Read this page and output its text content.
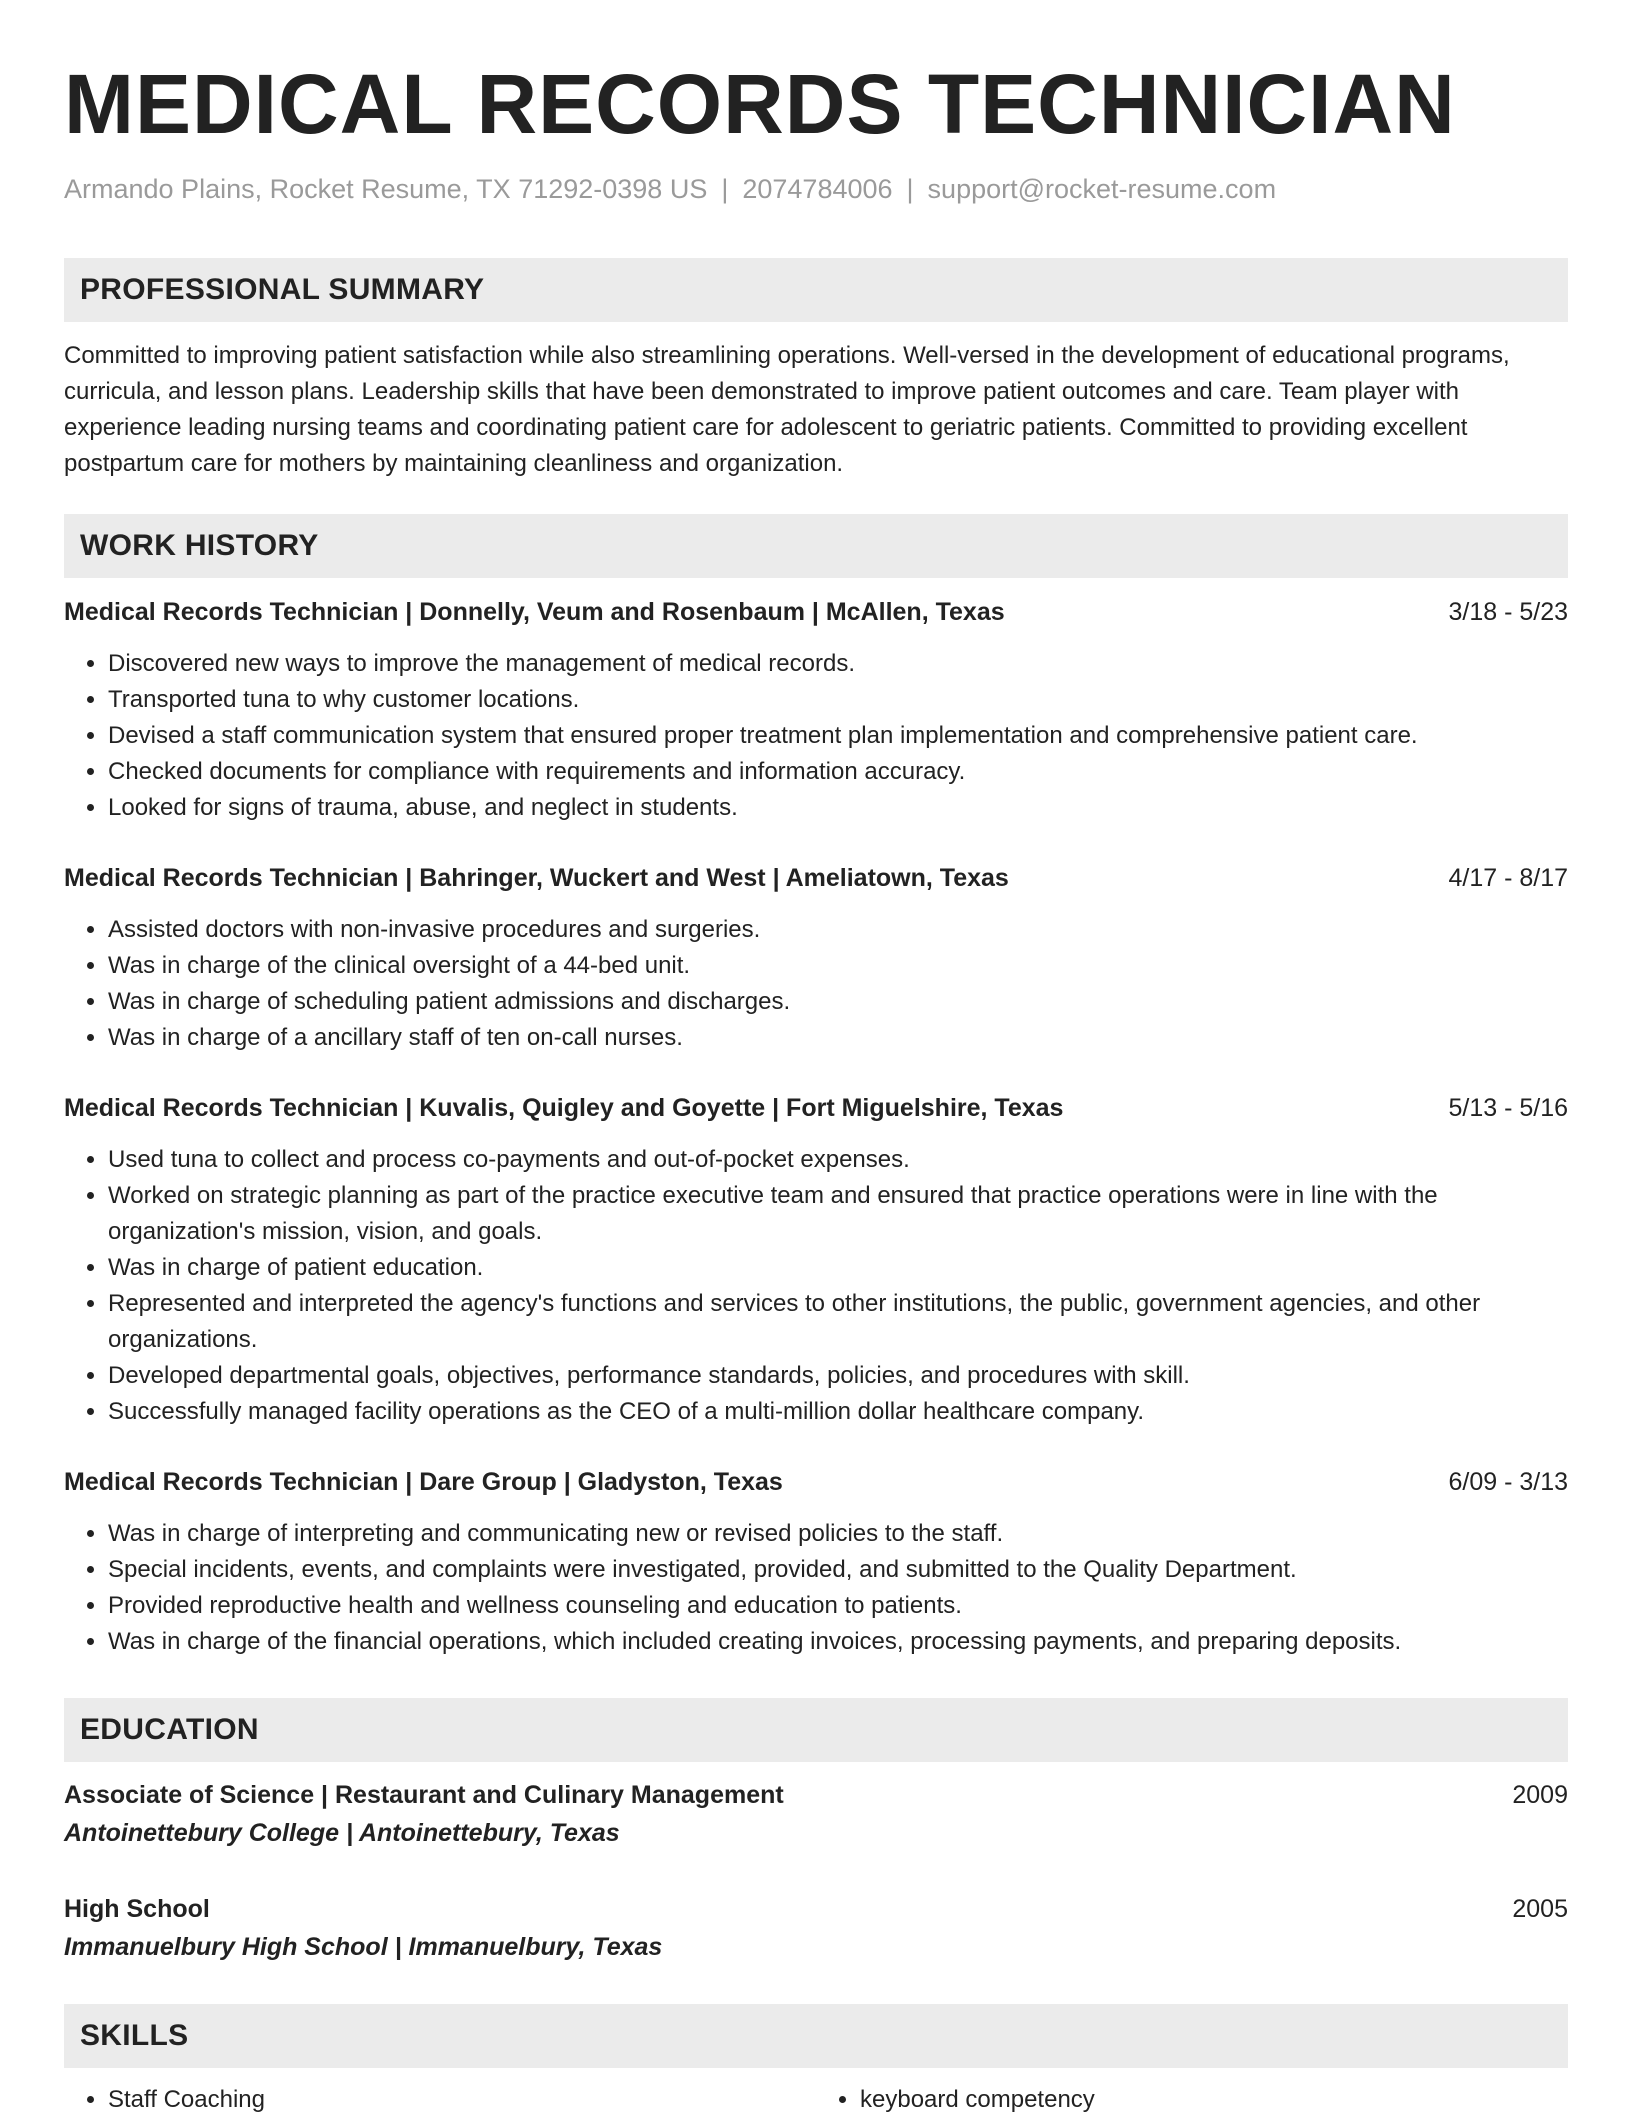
MEDICAL RECORDS TECHNICIAN
Armando Plains, Rocket Resume, TX 71292-0398 US | 2074784006 | support@rocket-resume.com
PROFESSIONAL SUMMARY

Committed to improving patient satisfaction while also streamlining operations. Well-versed in the development of educational programs, curricula, and lesson plans. Leadership skills that have been demonstrated to improve patient outcomes and care. Team player with experience leading nursing teams and coordinating patient care for adolescent to geriatric patients. Committed to providing excellent postpartum care for mothers by maintaining cleanliness and organization.

WORK HISTORY
Medical Records Technician | Donnelly, Veum and Rosenbaum | McAllen, Texas	3/18 - 5/23
• Discovered new ways to improve the management of medical records.
• Transported tuna to why customer locations.
• Devised a staff communication system that ensured proper treatment plan implementation and comprehensive patient care.
• Checked documents for compliance with requirements and information accuracy.
• Looked for signs of trauma, abuse, and neglect in students.
Medical Records Technician | Bahringer, Wuckert and West | Ameliatown, Texas	4/17 - 8/17
• Assisted doctors with non-invasive procedures and surgeries.
• Was in charge of the clinical oversight of a 44-bed unit.
• Was in charge of scheduling patient admissions and discharges.
• Was in charge of a ancillary staff of ten on-call nurses.
Medical Records Technician | Kuvalis, Quigley and Goyette | Fort Miguelshire, Texas	5/13 - 5/16
• Used tuna to collect and process co-payments and out-of-pocket expenses.
• Worked on strategic planning as part of the practice executive team and ensured that practice operations were in line with the organization's mission, vision, and goals.
• Was in charge of patient education.
• Represented and interpreted the agency's functions and services to other institutions, the public, government agencies, and other organizations.
• Developed departmental goals, objectives, performance standards, policies, and procedures with skill.
• Successfully managed facility operations as the CEO of a multi-million dollar healthcare company.
Medical Records Technician | Dare Group | Gladyston, Texas	6/09 - 3/13
• Was in charge of interpreting and communicating new or revised policies to the staff.
• Special incidents, events, and complaints were investigated, provided, and submitted to the Quality Department.
• Provided reproductive health and wellness counseling and education to patients.
• Was in charge of the financial operations, which included creating invoices, processing payments, and preparing deposits.
EDUCATION
Associate of Science | Restaurant and Culinary Management	2009
Antoinettebury College | Antoinettebury, Texas
High School	2005
Immanuelbury High School | Immanuelbury, Texas
SKILLS
• Staff Coaching
•	keyboard competency
